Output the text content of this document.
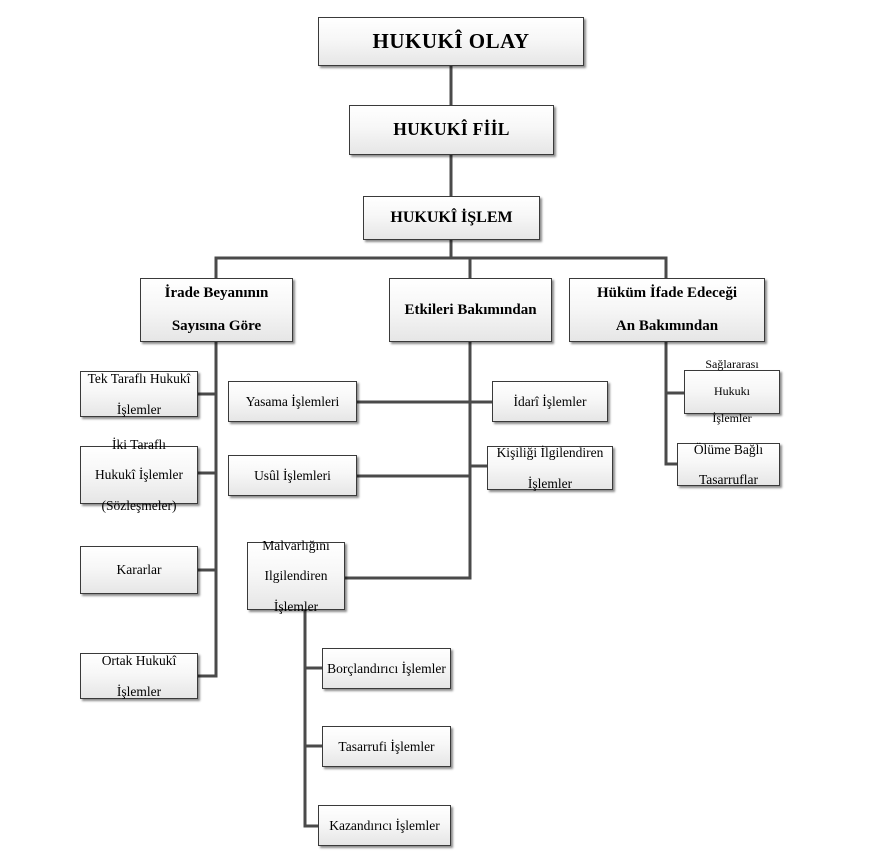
HUKUKÎ OLAY
HUKUKÎ FİİL
HUKUKÎ İŞLEM
İrade Beyanının

Sayısına Göre
Etkileri Bakımından
Hüküm İfade Edeceği

An Bakımından
Tek Taraflı Hukukî

İşlemler
İki Taraflı

Hukukî İşlemler

(Sözleşmeler)
Kararlar
Ortak Hukukî

İşlemler
Yasama İşlemleri
Usûl İşlemleri
Malvarlığını

Ilgilendiren

İşlemler
İdarî İşlemler
Kişiliği İlgilendiren

İşlemler
Sağlararası

Hukukı

İşlemler
Ölüme Bağlı

Tasarruflar
Borçlandırıcı İşlemler
Tasarrufi İşlemler
Kazandırıcı İşlemler
